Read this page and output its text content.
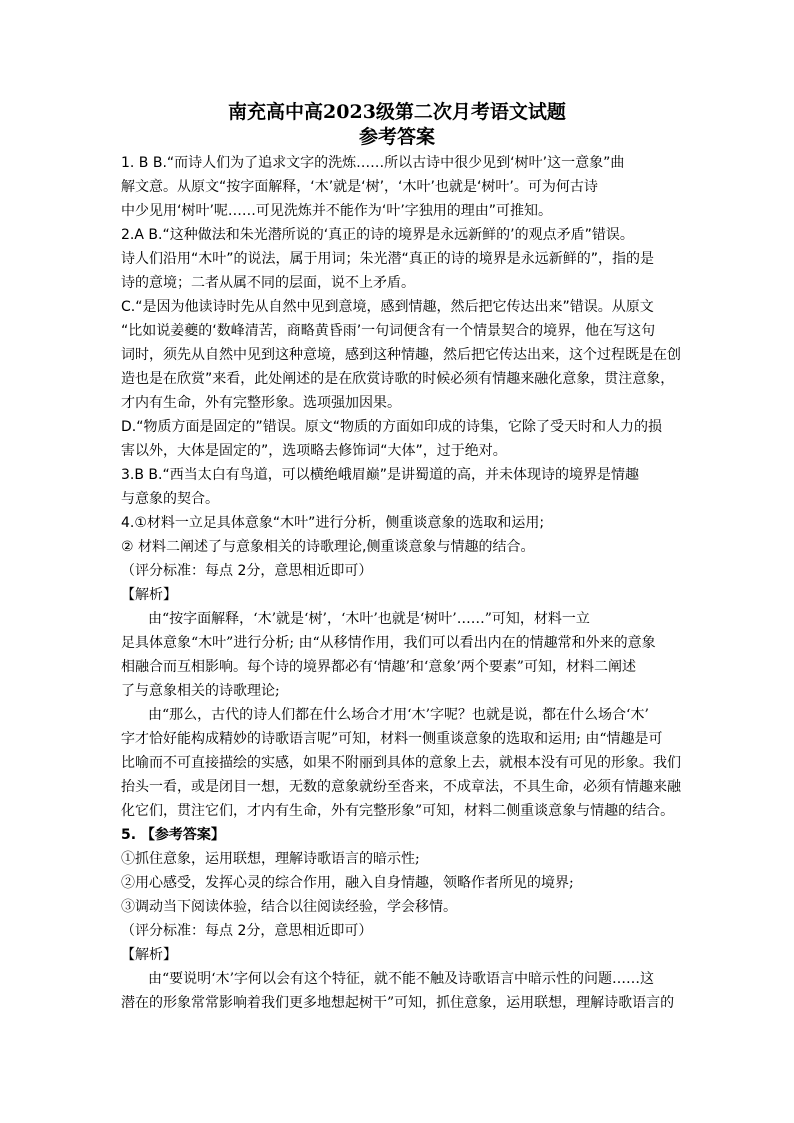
南充高中高2023级第二次月考语文试题
参考答案
1. B B.“而诗人们为了追求文字的洗炼……所以古诗中很少见到‘树叶’这一意象”曲
解文意。从原文“按字面解释，‘木’就是‘树’，‘木叶’也就是‘树叶’。可为何古诗
中少见用‘树叶’呢……可见洗炼并不能作为‘叶’字独用的理由”可推知。
2.A B.“这种做法和朱光潜所说的‘真正的诗的境界是永远新鲜的’的观点矛盾”错误。
诗人们沿用“木叶”的说法，属于用词；朱光潜“真正的诗的境界是永远新鲜的”，指的是
诗的意境；二者从属不同的层面，说不上矛盾。
C.“是因为他读诗时先从自然中见到意境，感到情趣，然后把它传达出来”错误。从原文
“比如说姜夔的‘数峰清苦，商略黄昏雨’一句词便含有一个情景契合的境界，他在写这句
词时，须先从自然中见到这种意境，感到这种情趣，然后把它传达出来，这个过程既是在创
造也是在欣赏”来看，此处阐述的是在欣赏诗歌的时候必须有情趣来融化意象，贯注意象，
才内有生命，外有完整形象。选项强加因果。
D.“物质方面是固定的”错误。原文“物质的方面如印成的诗集，它除了受天时和人力的损
害以外，大体是固定的”，选项略去修饰词“大体”，过于绝对。
3.B B.“西当太白有鸟道，可以横绝峨眉巅”是讲蜀道的高，并未体现诗的境界是情趣
与意象的契合。
4.①材料一立足具体意象“木叶”进行分析，侧重谈意象的选取和运用;
② 材料二阐述了与意象相关的诗歌理论,侧重谈意象与情趣的结合。
（评分标准：每点 2分，意思相近即可）
【解析】
由“按字面解释，‘木’就是‘树’，‘木叶’也就是‘树叶’……”可知，材料一立
足具体意象“木叶”进行分析; 由“从移情作用，我们可以看出内在的情趣常和外来的意象
相融合而互相影响。每个诗的境界都必有‘情趣’和‘意象’两个要素”可知，材料二阐述
了与意象相关的诗歌理论;
由“那么，古代的诗人们都在什么场合才用‘木’字呢？也就是说，都在什么场合‘木’
字才恰好能构成精妙的诗歌语言呢”可知，材料一侧重谈意象的选取和运用; 由“情趣是可
比喻而不可直接描绘的实感，如果不附丽到具体的意象上去，就根本没有可见的形象。我们
抬头一看，或是闭目一想，无数的意象就纷至沓来，不成章法，不具生命，必须有情趣来融
化它们，贯注它们，才内有生命，外有完整形象”可知，材料二侧重谈意象与情趣的结合。
5. 【参考答案】
①抓住意象，运用联想，理解诗歌语言的暗示性;
②用心感受，发挥心灵的综合作用，融入自身情趣，领略作者所见的境界;
③调动当下阅读体验，结合以往阅读经验，学会移情。
（评分标准：每点 2分，意思相近即可）
【解析】
由“要说明‘木’字何以会有这个特征，就不能不触及诗歌语言中暗示性的问题……这
潜在的形象常常影响着我们更多地想起树干”可知，抓住意象，运用联想，理解诗歌语言的
